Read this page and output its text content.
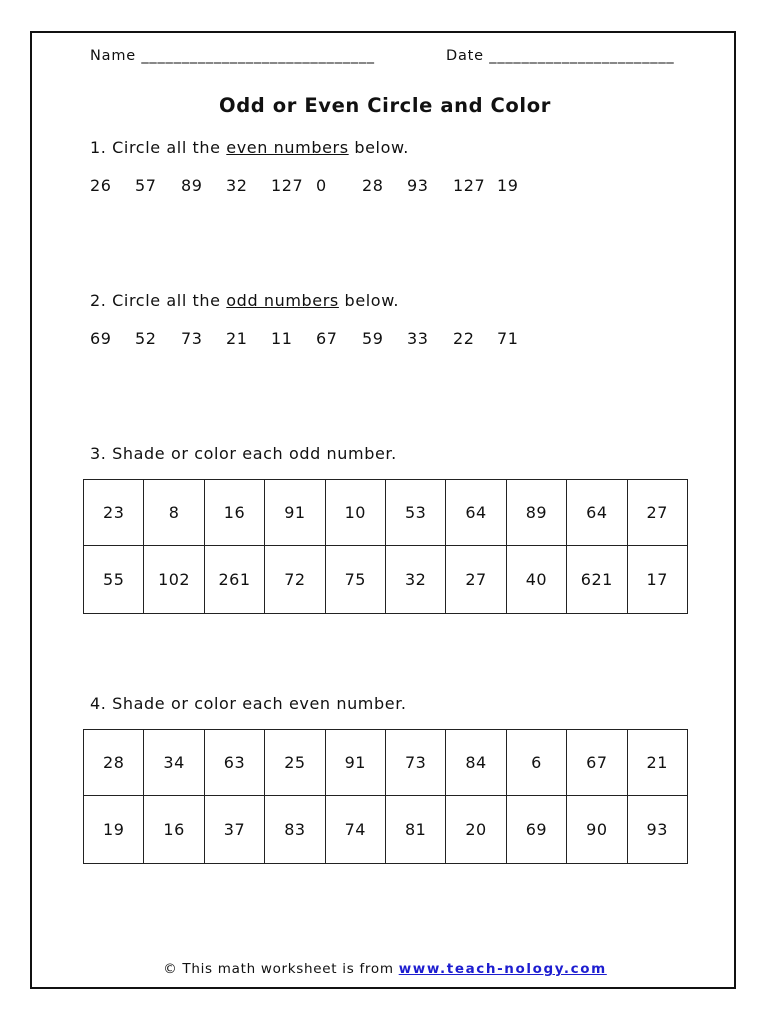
Name _____________________________	Date _______________________
Odd or Even Circle and Color
1. Circle all the even numbers below.
26 57 89 32 127 0 28 93 127 19
2. Circle all the odd numbers below.
69 52 73 21 11 67 59 33 22 71
3. Shade or color each odd number.
23	8	16	91	10	53	64	89	64	27
55	102	261	72	75	32	27	40	621	17
4. Shade or color each even number.
28	34	63	25	91	73	84	6	67	21
19	16	37	83	74	81	20	69	90	93
© This math worksheet is from www.teach-nology.com
